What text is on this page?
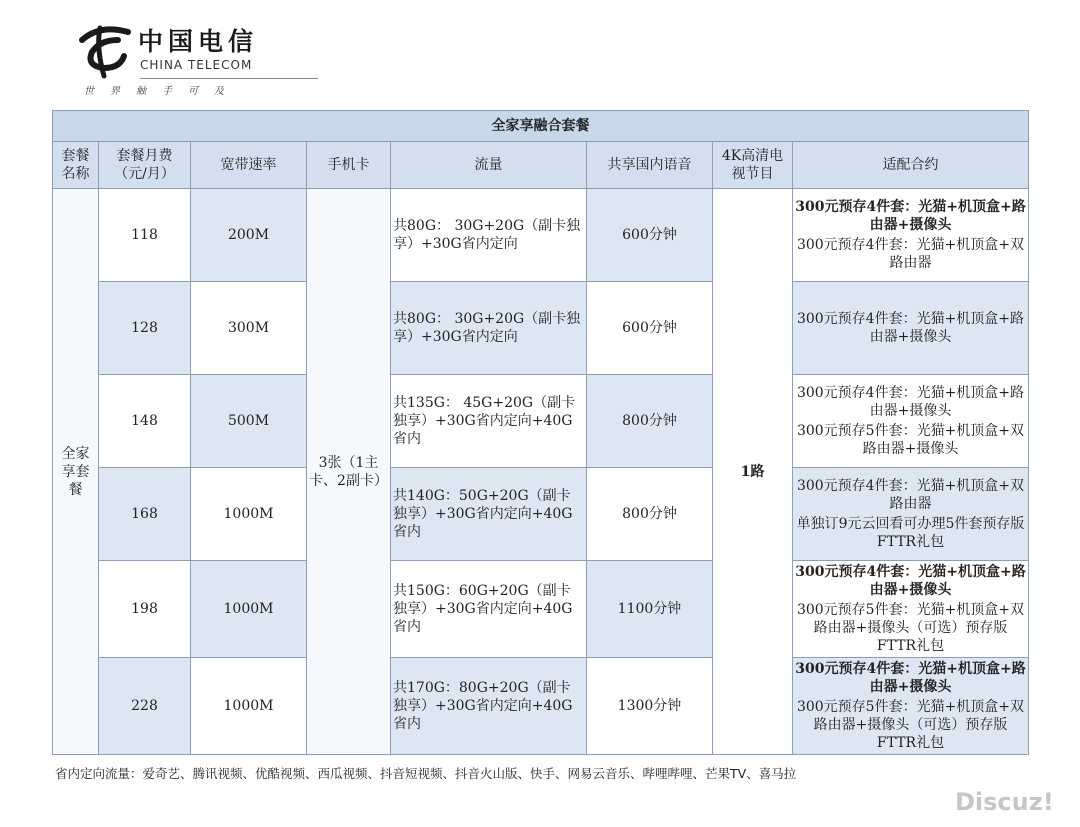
中国电信
CHINA TELECOM
世界触手可及
全家享融合套餐							
套餐名称	套餐月费（元/月）	宽带速率	手机卡	流量	共享国内语音	4K高清电视节目	适配合约
全家享套餐	118	200M	3张（1主卡、2副卡）	共80G： 30G+20G（副卡独享）+30G省内定向	600分钟	1路	300元预存4件套：光猫+机顶盒+路由器+摄像头

300元预存4件套：光猫+机顶盒+双路由器

	128	300M		共80G： 30G+20G（副卡独享）+30G省内定向	600分钟		300元预存4件套：光猫+机顶盒+路由器+摄像头

	148	500M		共135G： 45G+20G（副卡独享）+30G省内定向+40G省内	800分钟		300元预存4件套：光猫+机顶盒+路由器+摄像头

300元预存5件套：光猫+机顶盒+双路由器+摄像头

	168	1000M		共140G：50G+20G（副卡独享）+30G省内定向+40G省内	800分钟		300元预存4件套：光猫+机顶盒+双路由器

单独订9元云回看可办理5件套预存版FTTR礼包

	198	1000M		共150G：60G+20G（副卡独享）+30G省内定向+40G省内	1100分钟		300元预存4件套：光猫+机顶盒+路由器+摄像头

300元预存5件套：光猫+机顶盒+双路由器+摄像头（可选）预存版FTTR礼包

	228	1000M		共170G：80G+20G（副卡独享）+30G省内定向+40G省内	1300分钟		300元预存4件套：光猫+机顶盒+路由器+摄像头

300元预存5件套：光猫+机顶盒+双路由器+摄像头（可选）预存版FTTR礼包

省内定向流量：爱奇艺、腾讯视频、优酷视频、西瓜视频、抖音短视频、抖音火山版、快手、网易云音乐、哔哩哔哩、芒果TV、喜马拉
Discuz!
